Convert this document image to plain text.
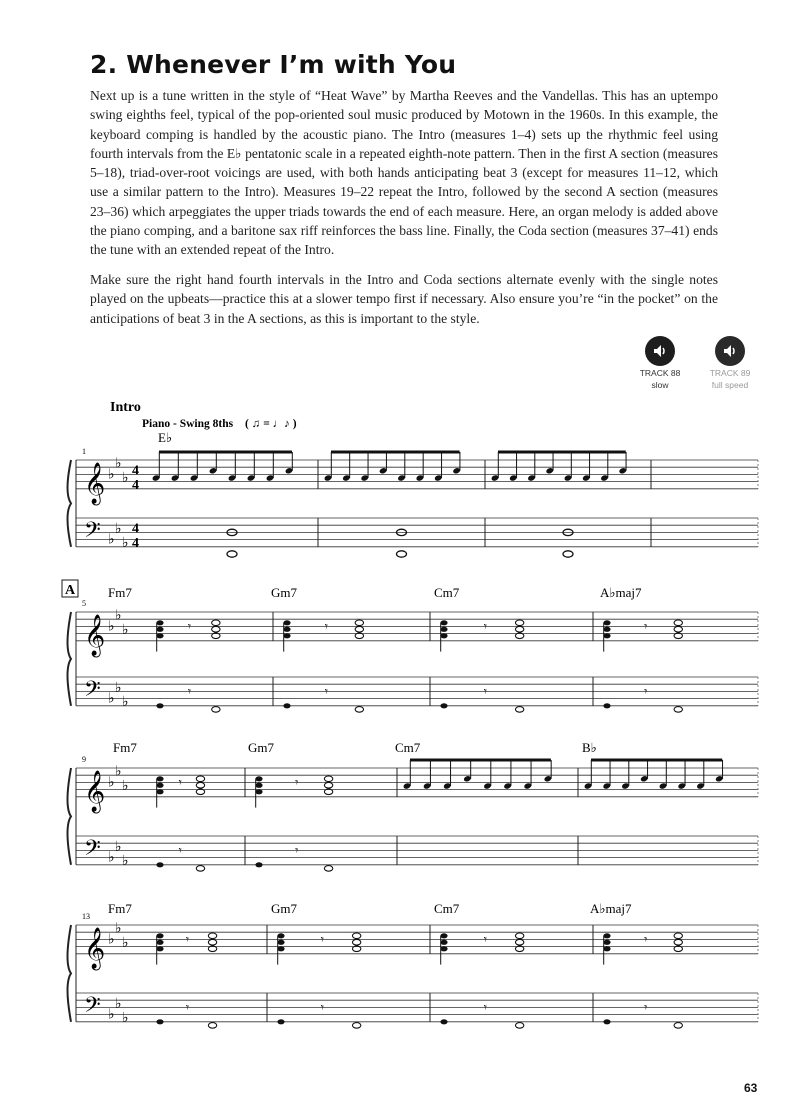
2. Whenever I’m with You

Next up is a tune written in the style of “Heat Wave” by Martha Reeves and the Vandellas. This has an uptempo swing eighths feel, typical of the pop-oriented soul music produced by Motown in the 1960s. In this example, the keyboard comping is handled by the acoustic piano. The Intro (measures 1–4) sets up the rhythmic feel using fourth intervals from the E♭ pentatonic scale in a repeated eighth-note pattern. Then in the first A section (measures 5–18), triad-over-root voicings are used, with both hands anticipating beat 3 (except for measures 11–12, which use a similar pattern to the Intro). Measures 19–22 repeat the Intro, followed by the second A section (measures 23–36) which arpeggiates the upper triads towards the end of each measure. Here, an organ melody is added above the piano comping, and a baritone sax riff reinforces the bass line. Finally, the Coda section (measures 37–41) ends the tune with an extended repeat of the Intro.

Make sure the right hand fourth intervals in the Intro and Coda sections alternate evenly with the single notes played on the upbeats—practice this at a slower tempo first if necessary. Also ensure you’re “in the pocket” on the anticipations of beat 3 in the A sections, as this is important to the style.

TRACK 88
slow
TRACK 89
full speed
Intro
Piano - Swing 8ths ( ♫ = ♩♪ )
A
𝄞
𝄢
♭
♭
♭
♭
♭
♭
4
4
4
4
1
E♭
𝄞
𝄢
♭
♭
♭
♭
♭
♭
5
Fm7	Gm7	Cm7	A♭maj7
𝄾
𝄾
𝄾
𝄾
𝄾
𝄾
𝄾
𝄾
𝄞
𝄢
♭
♭
♭
♭
♭
♭
9
Fm7	Gm7	Cm7	B♭
𝄾
𝄾
𝄾
𝄾
𝄞
𝄢
♭
♭
♭
♭
♭
♭
13
Fm7	Gm7	Cm7	A♭maj7
𝄾
𝄾
𝄾
𝄾
𝄾
𝄾
𝄾
𝄾

63
